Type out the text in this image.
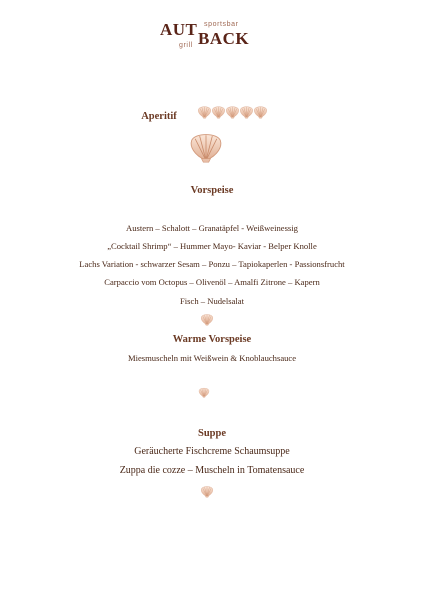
AUT sportsbar
grill BACK
Aperitif
Vorspeise
Austern – Schalott – Granatäpfel - Weißweinessig
„Cocktail Shrimp“ – Hummer Mayo- Kaviar - Belper Knolle
Lachs Variation - schwarzer Sesam – Ponzu – Tapiokaperlen - Passionsfrucht
Carpaccio vom Octopus – Olivenöl – Amalfi Zitrone – Kapern
Fisch – Nudelsalat
Warme Vorspeise
Miesmuscheln mit Weißwein & Knoblauchsauce
Suppe
Geräucherte Fischcreme Schaumsuppe
Zuppa die cozze – Muscheln in Tomatensauce
